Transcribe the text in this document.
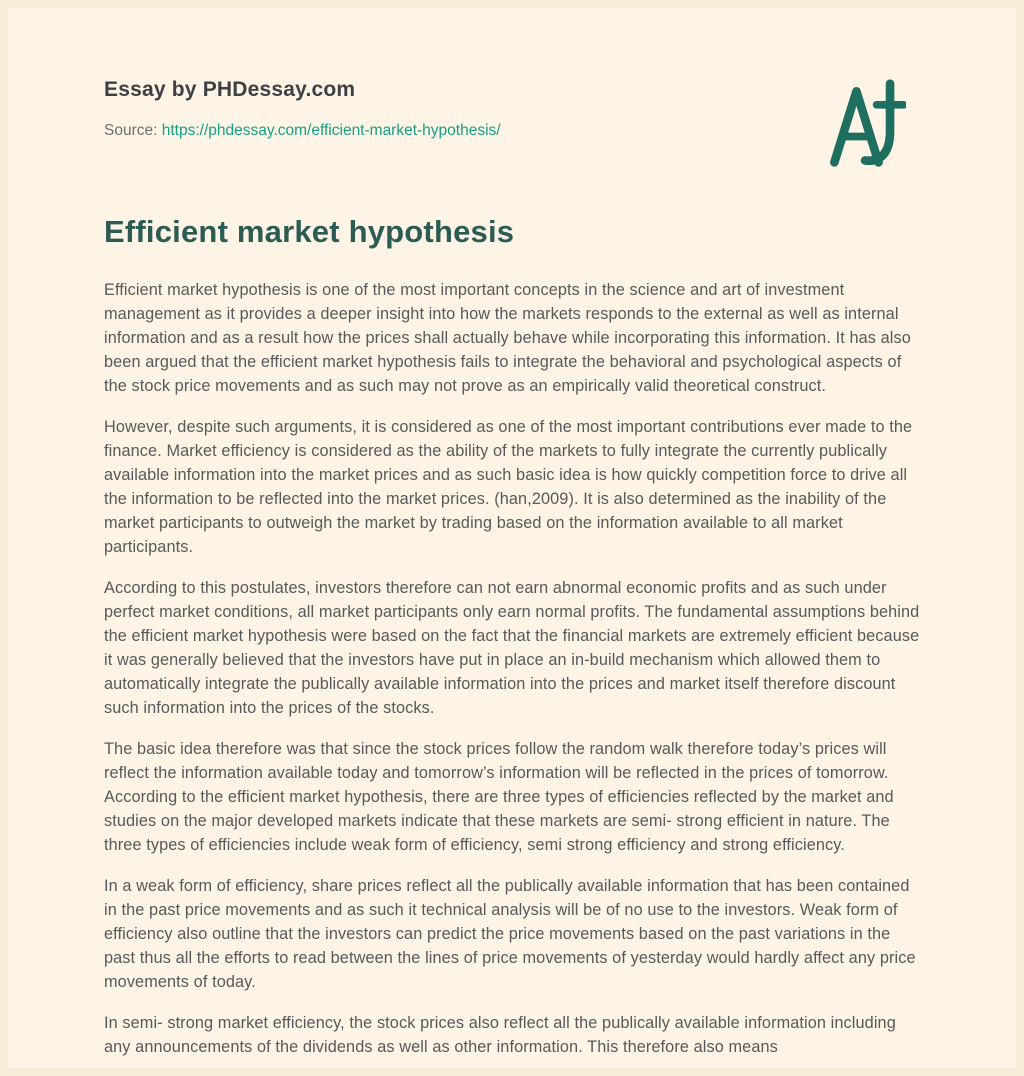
Essay by PHDessay.com
Source: https://phdessay.com/efficient-market-hypothesis/
Efficient market hypothesis

Efficient market hypothesis is one of the most important concepts in the science and art of investment management as it provides a deeper insight into how the markets responds to the external as well as internal information and as a result how the prices shall actually behave while incorporating this information. It has also been argued that the efficient market hypothesis fails to integrate the behavioral and psychological aspects of the stock price movements and as such may not prove as an empirically valid theoretical construct.

However, despite such arguments, it is considered as one of the most important contributions ever made to the finance. Market efficiency is considered as the ability of the markets to fully integrate the currently publically available information into the market prices and as such basic idea is how quickly competition force to drive all the information to be reflected into the market prices. (han,2009). It is also determined as the inability of the market participants to outweigh the market by trading based on the information available to all market participants.

According to this postulates, investors therefore can not earn abnormal economic profits and as such under perfect market conditions, all market participants only earn normal profits. The fundamental assumptions behind the efficient market hypothesis were based on the fact that the financial markets are extremely efficient because it was generally believed that the investors have put in place an in-build mechanism which allowed them to automatically integrate the publically available information into the prices and market itself therefore discount such information into the prices of the stocks.

The basic idea therefore was that since the stock prices follow the random walk therefore today’s prices will reflect the information available today and tomorrow’s information will be reflected in the prices of tomorrow. According to the efficient market hypothesis, there are three types of efficiencies reflected by the market and studies on the major developed markets indicate that these markets are semi- strong efficient in nature. The three types of efficiencies include weak form of efficiency, semi strong efficiency and strong efficiency.

In a weak form of efficiency, share prices reflect all the publically available information that has been contained in the past price movements and as such it technical analysis will be of no use to the investors. Weak form of efficiency also outline that the investors can predict the price movements based on the past variations in the past thus all the efforts to read between the lines of price movements of yesterday would hardly affect any price movements of today.

In semi- strong market efficiency, the stock prices also reflect all the publically available information including any announcements of the dividends as well as other information. This therefore also means
